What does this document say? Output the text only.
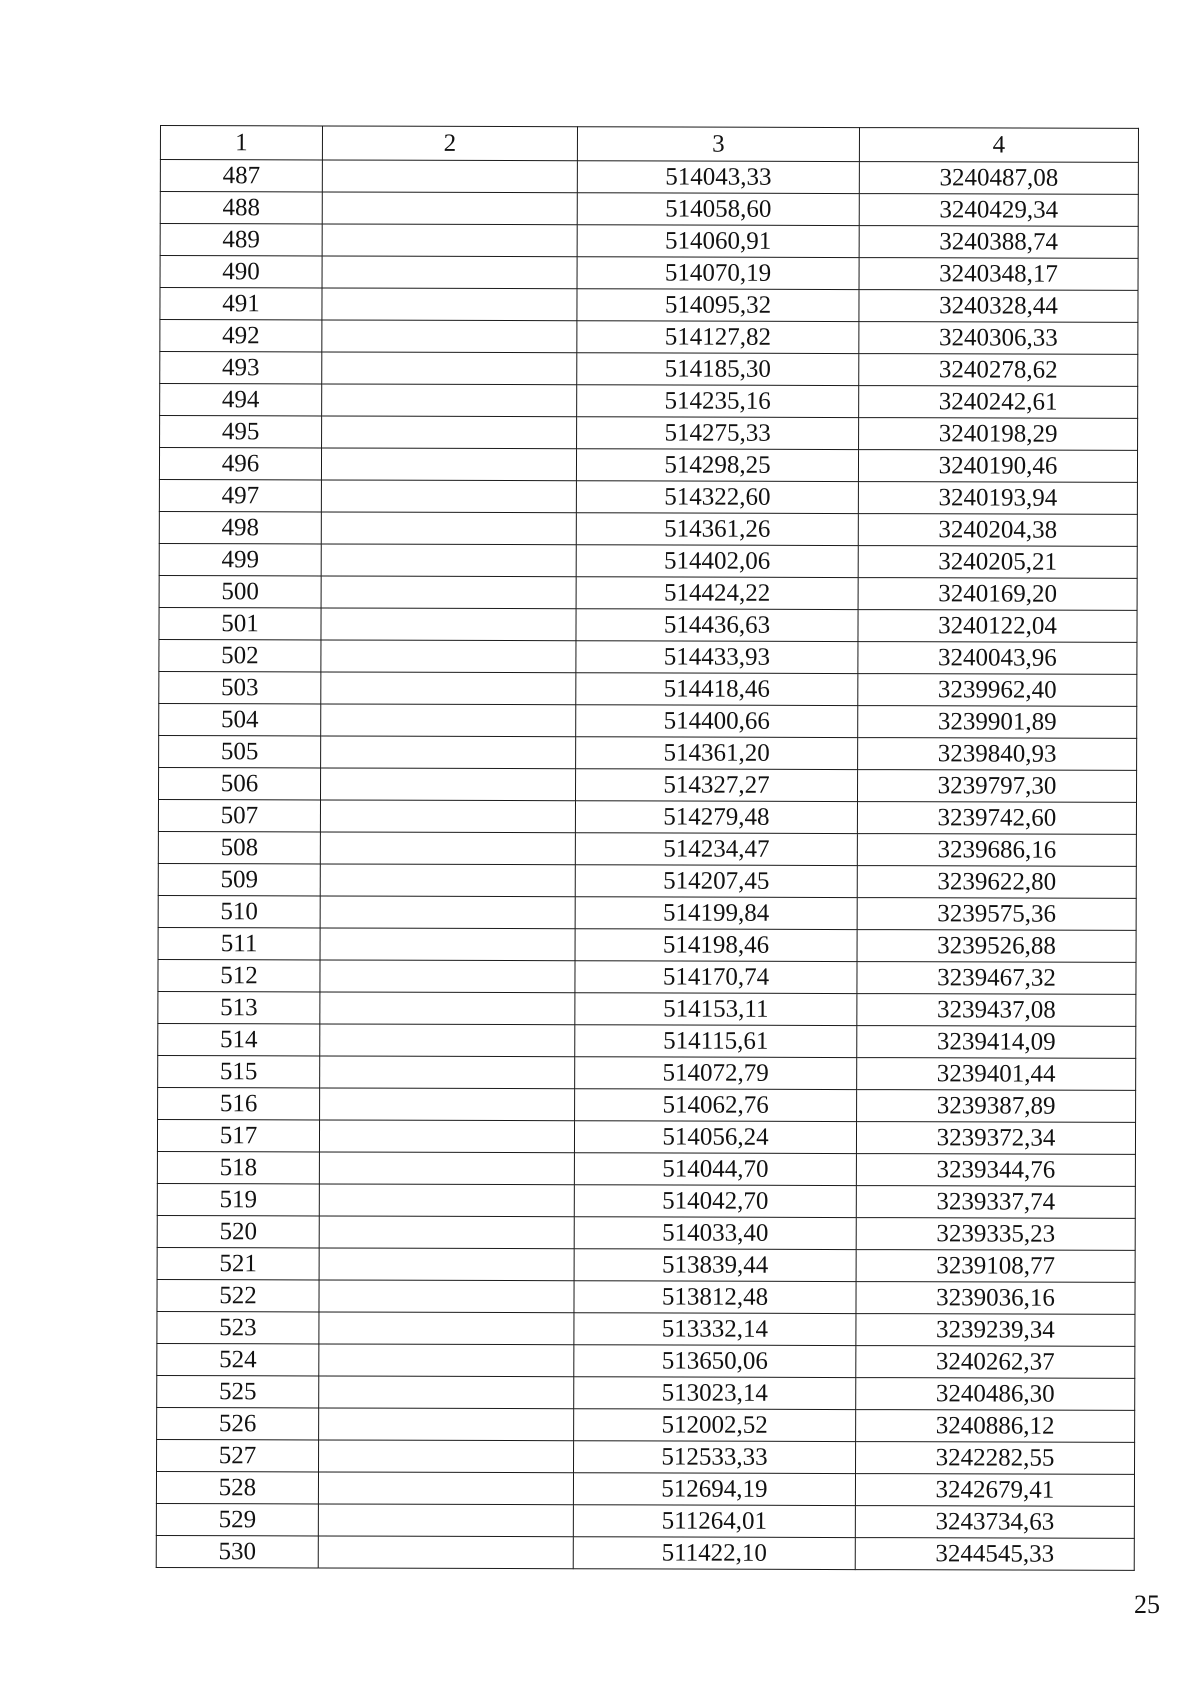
1	2	3	4
487		514043,33	3240487,08
488		514058,60	3240429,34
489		514060,91	3240388,74
490		514070,19	3240348,17
491		514095,32	3240328,44
492		514127,82	3240306,33
493		514185,30	3240278,62
494		514235,16	3240242,61
495		514275,33	3240198,29
496		514298,25	3240190,46
497		514322,60	3240193,94
498		514361,26	3240204,38
499		514402,06	3240205,21
500		514424,22	3240169,20
501		514436,63	3240122,04
502		514433,93	3240043,96
503		514418,46	3239962,40
504		514400,66	3239901,89
505		514361,20	3239840,93
506		514327,27	3239797,30
507		514279,48	3239742,60
508		514234,47	3239686,16
509		514207,45	3239622,80
510		514199,84	3239575,36
511		514198,46	3239526,88
512		514170,74	3239467,32
513		514153,11	3239437,08
514		514115,61	3239414,09
515		514072,79	3239401,44
516		514062,76	3239387,89
517		514056,24	3239372,34
518		514044,70	3239344,76
519		514042,70	3239337,74
520		514033,40	3239335,23
521		513839,44	3239108,77
522		513812,48	3239036,16
523		513332,14	3239239,34
524		513650,06	3240262,37
525		513023,14	3240486,30
526		512002,52	3240886,12
527		512533,33	3242282,55
528		512694,19	3242679,41
529		511264,01	3243734,63
530		511422,10	3244545,33
25
